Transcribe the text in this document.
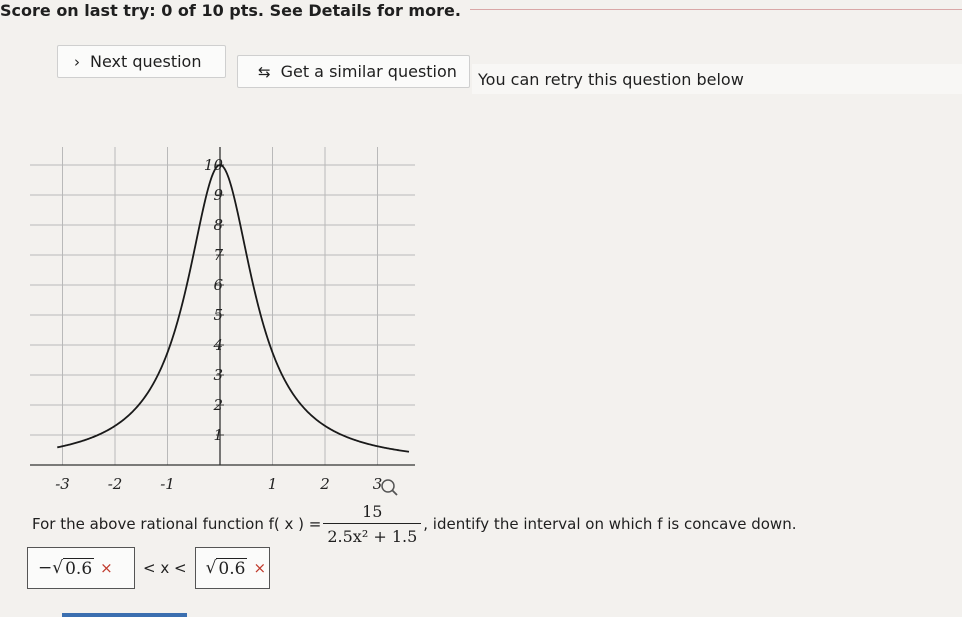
Score on last try: 0 of 10 pts. See Details for more.
› Next question
⇆ Get a similar question You can retry this question below
-3	-2	-1	1	2	3
1
2
3
4
5
6
7
8
9
10
For the above rational function f( x ) = $\frac{15}{\text{2.5x² + 1.5}}$ , identify the interval on which f is concave down.
− √ 0.6 × < x < √ 0.6 ×
